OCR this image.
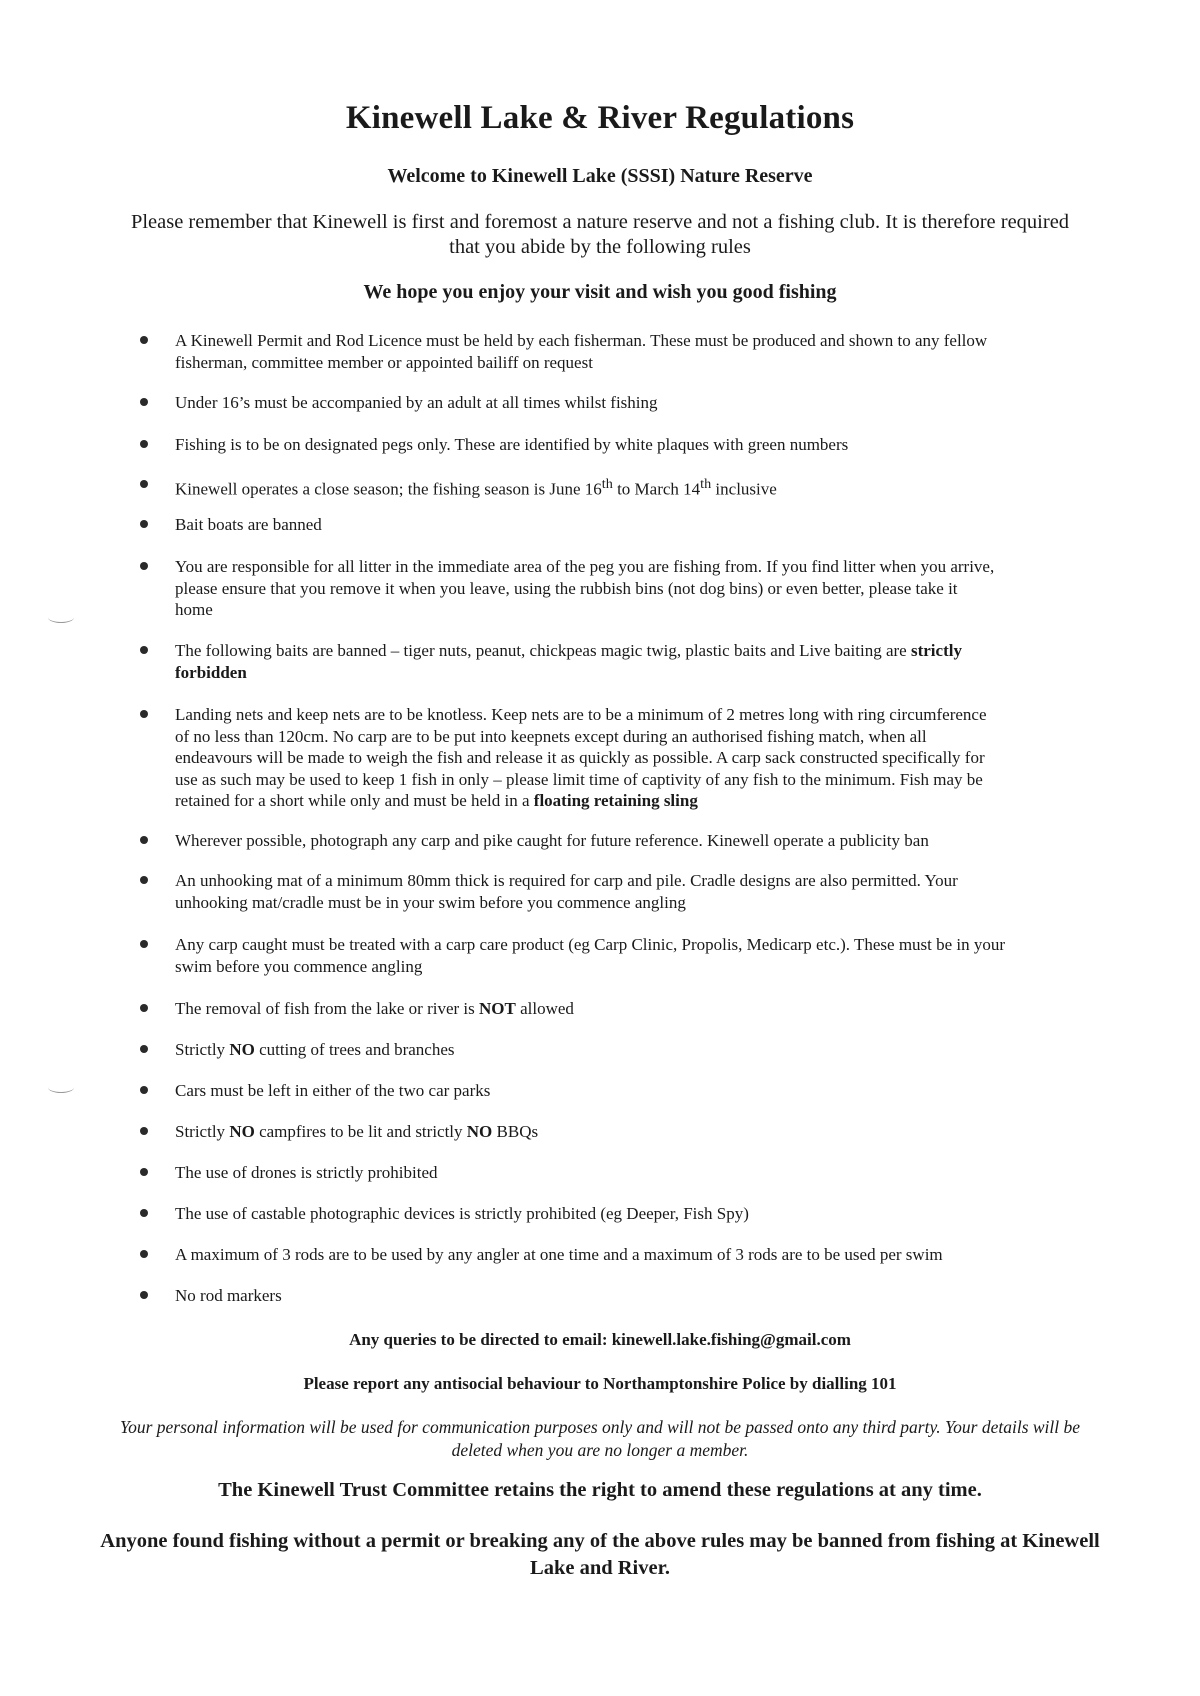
Kinewell Lake & River Regulations
Welcome to Kinewell Lake (SSSI) Nature Reserve
Please remember that Kinewell is first and foremost a nature reserve and not a fishing club. It is therefore required that you abide by the following rules
We hope you enjoy your visit and wish you good fishing
A Kinewell Permit and Rod Licence must be held by each fisherman. These must be produced and shown to any fellow
fisherman, committee member or appointed bailiff on request
Under 16’s must be accompanied by an adult at all times whilst fishing
Fishing is to be on designated pegs only. These are identified by white plaques with green numbers
Kinewell operates a close season; the fishing season is June 16th to March 14th inclusive
Bait boats are banned
You are responsible for all litter in the immediate area of the peg you are fishing from. If you find litter when you arrive,
please ensure that you remove it when you leave, using the rubbish bins (not dog bins) or even better, please take it
home
The following baits are banned – tiger nuts, peanut, chickpeas magic twig, plastic baits and Live baiting are strictly
forbidden
Landing nets and keep nets are to be knotless. Keep nets are to be a minimum of 2 metres long with ring circumference
of no less than 120cm. No carp are to be put into keepnets except during an authorised fishing match, when all
endeavours will be made to weigh the fish and release it as quickly as possible. A carp sack constructed specifically for
use as such may be used to keep 1 fish in only – please limit time of captivity of any fish to the minimum. Fish may be
retained for a short while only and must be held in a floating retaining sling
Wherever possible, photograph any carp and pike caught for future reference. Kinewell operate a publicity ban
An unhooking mat of a minimum 80mm thick is required for carp and pile. Cradle designs are also permitted. Your
unhooking mat/cradle must be in your swim before you commence angling
Any carp caught must be treated with a carp care product (eg Carp Clinic, Propolis, Medicarp etc.). These must be in your
swim before you commence angling
The removal of fish from the lake or river is NOT allowed
Strictly NO cutting of trees and branches
Cars must be left in either of the two car parks
Strictly NO campfires to be lit and strictly NO BBQs
The use of drones is strictly prohibited
The use of castable photographic devices is strictly prohibited (eg Deeper, Fish Spy)
A maximum of 3 rods are to be used by any angler at one time and a maximum of 3 rods are to be used per swim
No rod markers
Any queries to be directed to email: kinewell.lake.fishing@gmail.com
Please report any antisocial behaviour to Northamptonshire Police by dialling 101
Your personal information will be used for communication purposes only and will not be passed onto any third party. Your details will be deleted when you are no longer a member.
The Kinewell Trust Committee retains the right to amend these regulations at any time.
Anyone found fishing without a permit or breaking any of the above rules may be banned from fishing at Kinewell Lake and River.
